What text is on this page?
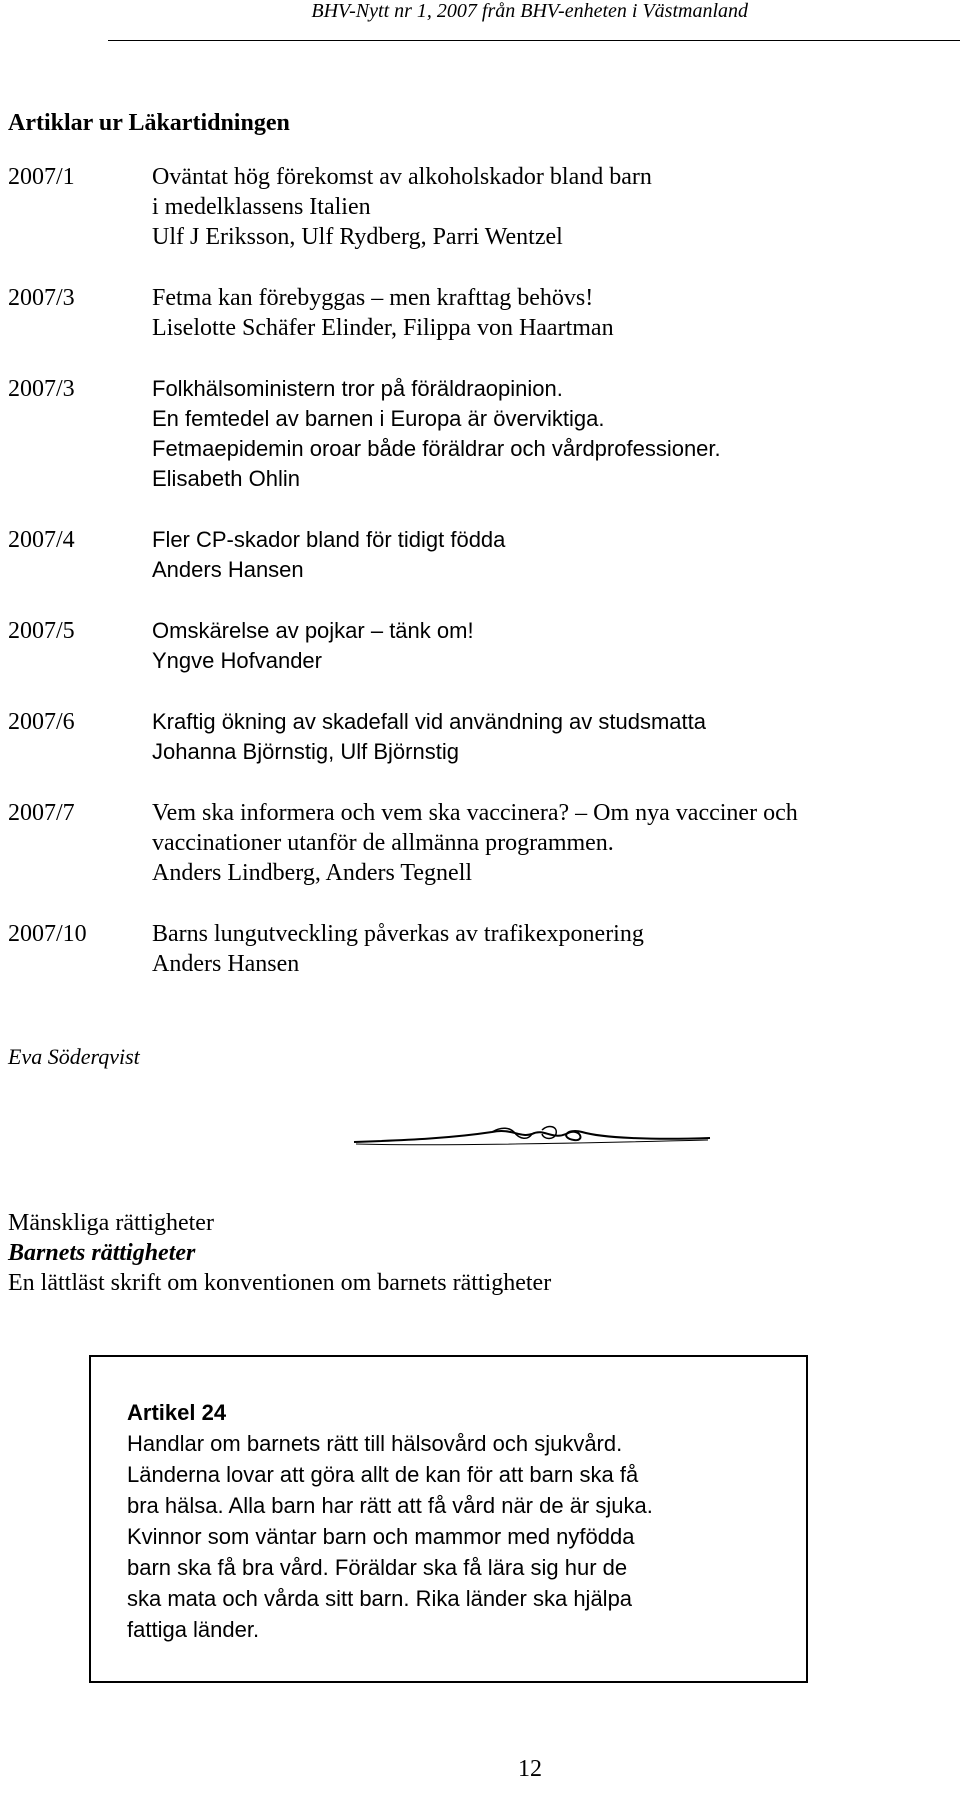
BHV-Nytt nr 1, 2007 från BHV-enheten i Västmanland
Artiklar ur Läkartidningen
2007/1	Oväntat hög förekomst av alkoholskador bland barn
i medelklassens Italien
Ulf J Eriksson, Ulf Rydberg, Parri Wentzel
2007/3	Fetma kan förebyggas – men krafttag behövs!
Liselotte Schäfer Elinder, Filippa von Haartman
2007/3	Folkhälsoministern tror på föräldraopinion.
En femtedel av barnen i Europa är överviktiga.
Fetmaepidemin oroar både föräldrar och vårdprofessioner.
Elisabeth Ohlin
2007/4	Fler CP-skador bland för tidigt födda
Anders Hansen
2007/5	Omskärelse av pojkar – tänk om!
Yngve Hofvander
2007/6	Kraftig ökning av skadefall vid användning av studsmatta
Johanna Björnstig, Ulf Björnstig
2007/7	Vem ska informera och vem ska vaccinera? – Om nya vacciner och
vaccinationer utanför de allmänna programmen.
Anders Lindberg, Anders Tegnell
2007/10	Barns lungutveckling påverkas av trafikexponering
Anders Hansen
Eva Söderqvist
Mänskliga rättigheter
Barnets rättigheter
En lättläst skrift om konventionen om barnets rättigheter
Artikel 24
Handlar om barnets rätt till hälsovård och sjukvård.
Länderna lovar att göra allt de kan för att barn ska få
bra hälsa. Alla barn har rätt att få vård när de är sjuka.
Kvinnor som väntar barn och mammor med nyfödda
barn ska få bra vård. Föräldar ska få lära sig hur de
ska mata och vårda sitt barn. Rika länder ska hjälpa
fattiga länder.
12
